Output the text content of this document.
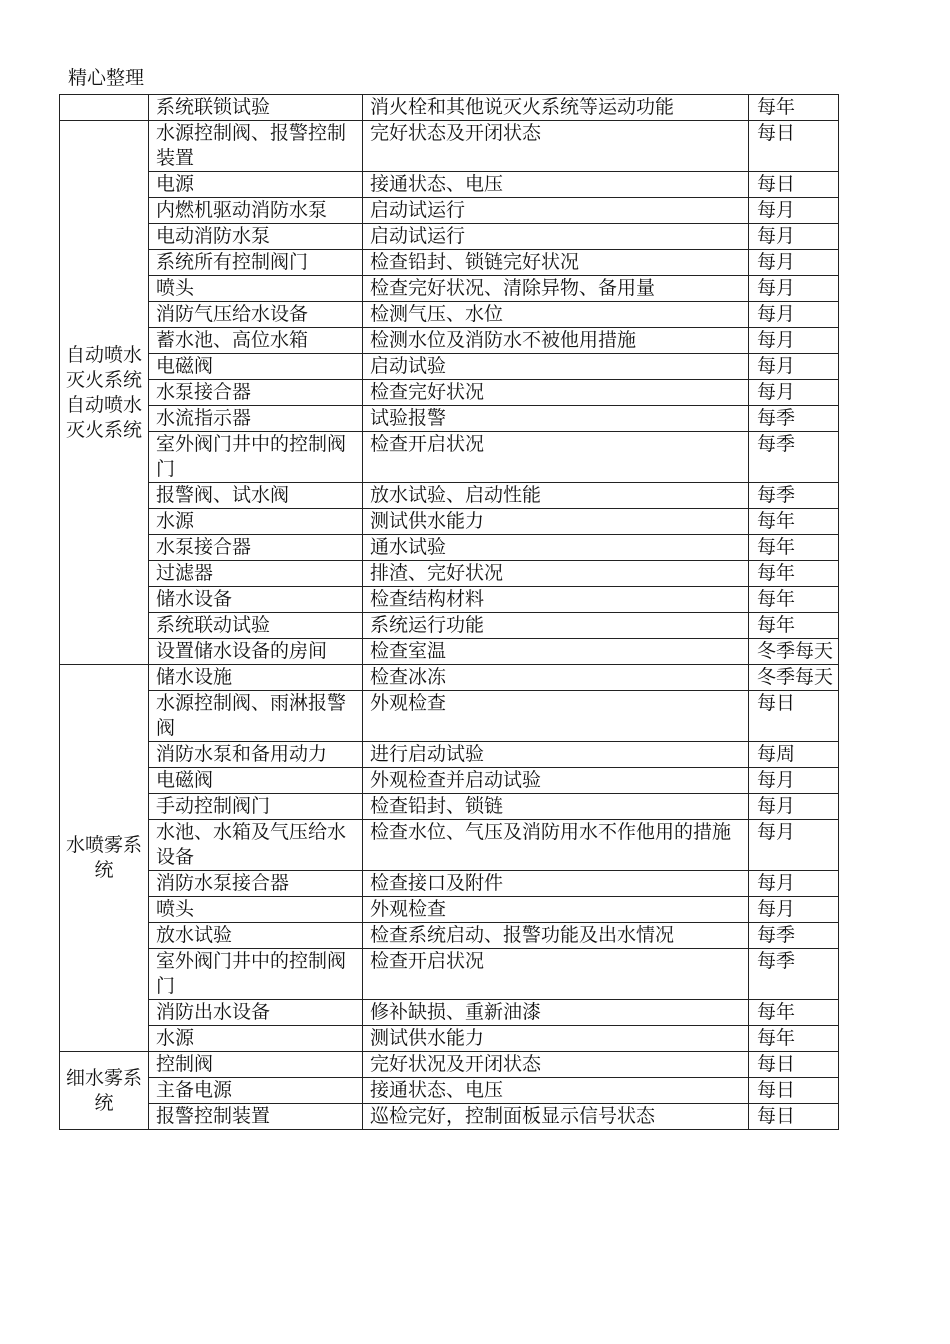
精心整理
	系统联锁试验	消火栓和其他说灭火系统等运动功能	每年
自动喷水灭火系统自动喷水灭火系统	水源控制阀、报警控制装置	完好状态及开闭状态	每日
	电源	接通状态、电压	每日
	内燃机驱动消防水泵	启动试运行	每月
	电动消防水泵	启动试运行	每月
	系统所有控制阀门	检查铅封、锁链完好状况	每月
	喷头	检查完好状况、清除异物、备用量	每月
	消防气压给水设备	检测气压、水位	每月
	蓄水池、高位水箱	检测水位及消防水不被他用措施	每月
	电磁阀	启动试验	每月
	水泵接合器	检查完好状况	每月
	水流指示器	试验报警	每季
	室外阀门井中的控制阀门	检查开启状况	每季
	报警阀、试水阀	放水试验、启动性能	每季
	水源	测试供水能力	每年
	水泵接合器	通水试验	每年
	过滤器	排渣、完好状况	每年
	储水设备	检查结构材料	每年
	系统联动试验	系统运行功能	每年
	设置储水设备的房间	检查室温	冬季每天
水喷雾系统	储水设施	检查冰冻	冬季每天
	水源控制阀、雨淋报警阀	外观检查	每日
	消防水泵和备用动力	进行启动试验	每周
	电磁阀	外观检查并启动试验	每月
	手动控制阀门	检查铅封、锁链	每月
	水池、水箱及气压给水设备	检查水位、气压及消防用水不作他用的措施	每月
	消防水泵接合器	检查接口及附件	每月
	喷头	外观检查	每月
	放水试验	检查系统启动、报警功能及出水情况	每季
	室外阀门井中的控制阀门	检查开启状况	每季
	消防出水设备	修补缺损、重新油漆	每年
	水源	测试供水能力	每年
细水雾系统	控制阀	完好状况及开闭状态	每日
	主备电源	接通状态、电压	每日
	报警控制装置	巡检完好，控制面板显示信号状态	每日
